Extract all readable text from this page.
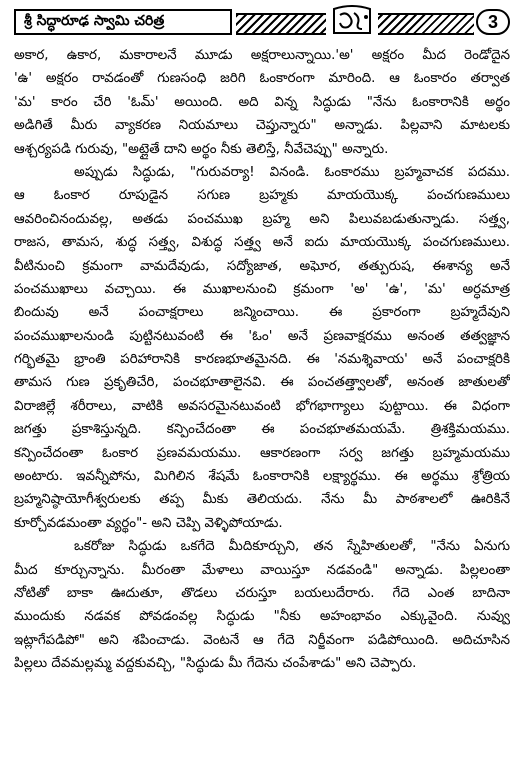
శ్రీ సిద్ధారూఢ స్వామి చరిత్ర	3
అకార, ఉకార, మకారాలనే మూడు అక్షరాలున్నాయి.'అ' అక్షరం మీద రెండోదైన
'ఉ' అక్షరం రావడంతో గుణసంధి జరిగి ఓంకారంగా మారింది. ఆ ఓంకారం తర్వాత
'మ' కారం చేరి 'ఓమ్' అయింది. అది విన్న సిద్ధుడు "నేను ఓంకారానికి అర్థం
అడిగితే మీరు వ్యాకరణ నియమాలు చెప్తున్నారు" అన్నాడు. పిల్లవాని మాటలకు
ఆశ్చర్యపడి గురువు, "అట్లైతే దాని అర్థం నీకు తెలిస్తే, నీవేచెప్పు" అన్నారు.
అప్పుడు సిద్ధుడు, "గురువర్యా! వినండి. ఓంకారము బ్రహ్మవాచక పదము.
ఆ ఓంకార రూపుడైన సగుణ బ్రహ్మకు మాయయొక్క పంచగుణములు
ఆవరించినందువల్ల, అతడు పంచముఖ బ్రహ్మ అని పిలువబడుతున్నాడు. సత్త్వ,
రాజస, తామస, శుద్ధ సత్త్వ, విశుద్ధ సత్త్వ అనే ఐదు మాయయొక్క పంచగుణములు.
వీటినుంచి క్రమంగా వామదేవుడు, సద్యోజాత, అఘోర, తత్పురుష, ఈశాన్య అనే
పంచముఖాలు వచ్చాయి. ఈ ముఖాలనుంచి క్రమంగా 'అ' 'ఉ', 'మ' అర్ధమాత్ర
బిందువు అనే పంచాక్షరాలు జన్మించాయి. ఈ ప్రకారంగా బ్రహ్మదేవుని
పంచముఖాలనుండి పుట్టినటువంటి ఈ 'ఓం' అనే ప్రణవాక్షరము అనంత తత్వజ్ఞాన
గర్భితమై భ్రాంతి పరిహారానికి కారణభూతమైనది. ఈ 'నమశ్శివాయ' అనే పంచాక్షరికి
తామస గుణ ప్రకృతిచేరి, పంచభూతాలైనవి. ఈ పంచతత్త్వాలతో, అనంత జాతులతో
విరాజిల్లే శరీరాలు, వాటికి అవసరమైనటువంటి భోగభాగ్యాలు పుట్టాయి. ఈ విధంగా
జగత్తు ప్రకాశిస్తున్నది. కన్పించేదంతా ఈ పంచభూతమయమే. త్రిశక్తిమయము.
కన్పించేదంతా ఓంకార ప్రణవమయము. ఆకారణంగా సర్వ జగత్తు బ్రహ్మమయము
అంటారు. ఇవన్నీపోను, మిగిలిన శేషమే ఓంకారానికి లక్ష్యార్థము. ఈ అర్థము శ్రోత్రియ
బ్రహ్మనిష్ఠాయోగీశ్వరులకు తప్ప మీకు తెలియదు. నేను మీ పాఠశాలలో ఊరికినే
కూర్చోవడమంతా వ్యర్థం"- అని చెప్పి వెళ్ళిపోయాడు.
ఒకరోజు సిద్ధుడు ఒకగేదె మీదికూర్చుని, తన స్నేహితులతో, "నేను ఏనుగు
మీద కూర్చున్నాను. మీరంతా మేళాలు వాయిస్తూ నడవండి" అన్నాడు. పిల్లలంతా
నోటితో బాకా ఊదుతూ, తొడలు చరుస్తూ బయలుదేరారు. గేదె ఎంత బాదినా
ముందుకు నడవక పోవడంవల్ల సిద్ధుడు "నీకు అహంభావం ఎక్కువైంది. నువ్వు
ఇట్లాగేపడిపో" అని శపించాడు. వెంటనే ఆ గేదె నిర్జీవంగా పడిపోయింది. అదిచూసిన
పిల్లలు దేవమల్లమ్మ వద్దకువచ్చి, "సిద్ధుడు మీ గేదెను చంపేశాడు" అని చెప్పారు.
